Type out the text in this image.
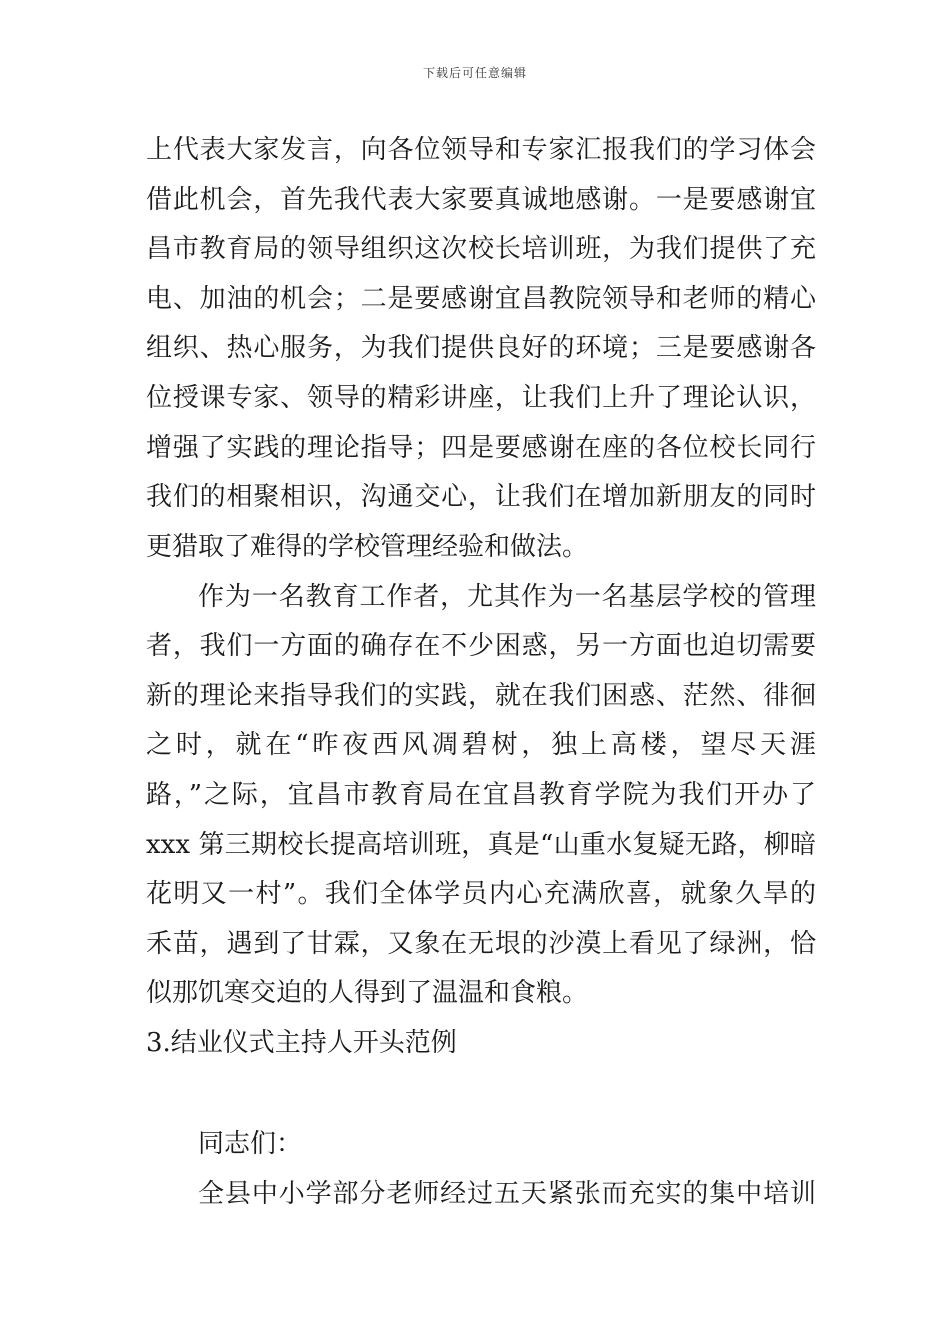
下载后可任意编辑
上代表大家发言，向各位领导和专家汇报我们的学习体会
借此机会，首先我代表大家要真诚地感谢。一是要感谢宜
昌市教育局的领导组织这次校长培训班，为我们提供了充
电、加油的机会；二是要感谢宜昌教院领导和老师的精心
组织、热心服务，为我们提供良好的环境；三是要感谢各
位授课专家、领导的精彩讲座，让我们上升了理论认识，
增强了实践的理论指导；四是要感谢在座的各位校长同行
我们的相聚相识，沟通交心，让我们在增加新朋友的同时
更猎取了难得的学校管理经验和做法。
作为一名教育工作者，尤其作为一名基层学校的管理
者，我们一方面的确存在不少困惑，另一方面也迫切需要
新的理论来指导我们的实践，就在我们困惑、茫然、徘徊
之时，就在“昨夜西风凋碧树，独上高楼，望尽天涯
路，”之际，宜昌市教育局在宜昌教育学院为我们开办了
xxx 第三期校长提高培训班，真是“山重水复疑无路，柳暗
花明又一村”。我们全体学员内心充满欣喜，就象久旱的
禾苗，遇到了甘霖，又象在无垠的沙漠上看见了绿洲，恰
似那饥寒交迫的人得到了温温和食粮。
3.结业仪式主持人开头范例
同志们：
全县中小学部分老师经过五天紧张而充实的集中培训
